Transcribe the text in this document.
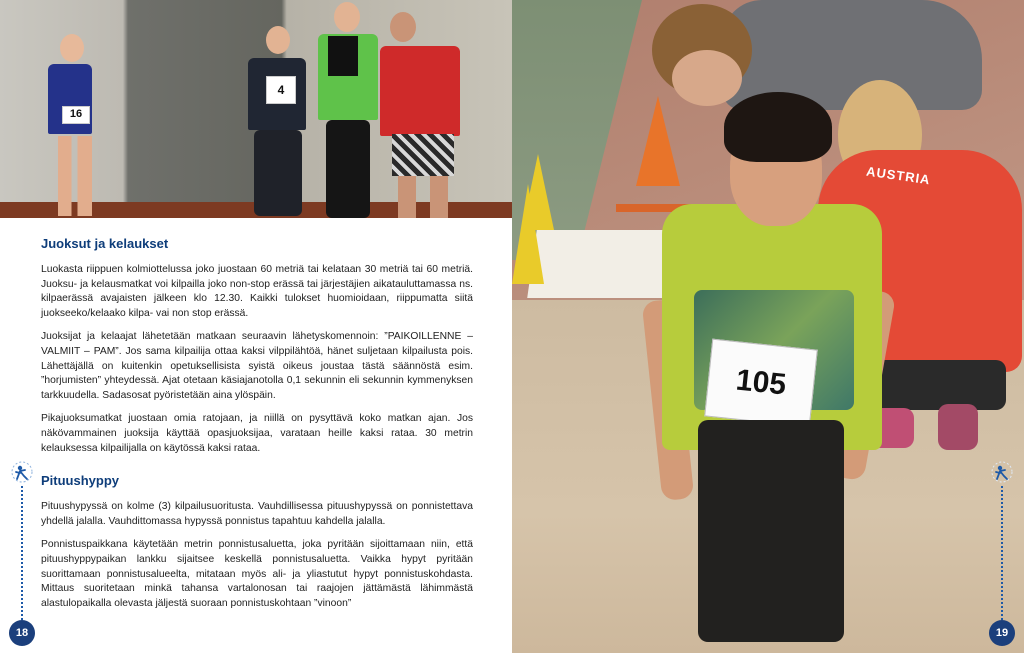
16
4
Juoksut ja kelaukset

Luokasta riippuen kolmiottelussa joko juostaan 60 metriä tai kelataan 30 metriä tai 60 metriä. Juoksu- ja kelausmatkat voi kilpailla joko non-stop erässä tai järjestäjien aikatauluttamassa ns. kilpaerässä avajaisten jälkeen klo 12.30. Kaikki tulokset huomioidaan, riippumatta siitä juokseeko/kelaako kilpa- vai non stop erässä.

Juoksijat ja kelaajat lähetetään matkaan seuraavin lähetyskomennoin: ”PAIKOILLENNE – VALMIIT – PAM”. Jos sama kilpailija ottaa kaksi vilppilähtöä, hänet suljetaan kilpailusta pois. Lähettäjällä on kuitenkin opetuksellisista syistä oikeus joustaa tästä säännöstä esim. ”horjumisten” yhteydessä. Ajat otetaan käsiajanotolla 0,1 sekunnin eli sekunnin kymmenyksen tarkkuudella. Sadasosat pyöristetään aina ylöspäin.

Pikajuoksumatkat juostaan omia ratojaan, ja niillä on pysyttävä koko matkan ajan. Jos näkövammainen juoksija käyttää opasjuoksijaa, varataan heille kaksi rataa. 30 metrin kelauksessa kilpailijalla on käytössä kaksi rataa.

Pituushyppy

Pituushypyssä on kolme (3) kilpailusuoritusta. Vauhdillisessa pituushypyssä on ponnistettava yhdellä jalalla. Vauhdittomassa hypyssä ponnistus tapahtuu kahdella jalalla.

Ponnistuspaikkana käytetään metrin ponnistusaluetta, joka pyritään sijoittamaan niin, että pituushyppypaikan lankku sijaitsee keskellä ponnistusaluetta. Vaikka hypyt pyritään suorittamaan ponnistusalueelta, mitataan myös ali- ja yliastutut hypyt ponnistuskohdasta. Mittaus suoritetaan minkä tahansa vartalonosan tai raajojen jättämästä lähimmästä alastulopaikalla olevasta jäljestä suoraan ponnistuskohtaan ”vinoon”

18
AUSTRIA
105
19
